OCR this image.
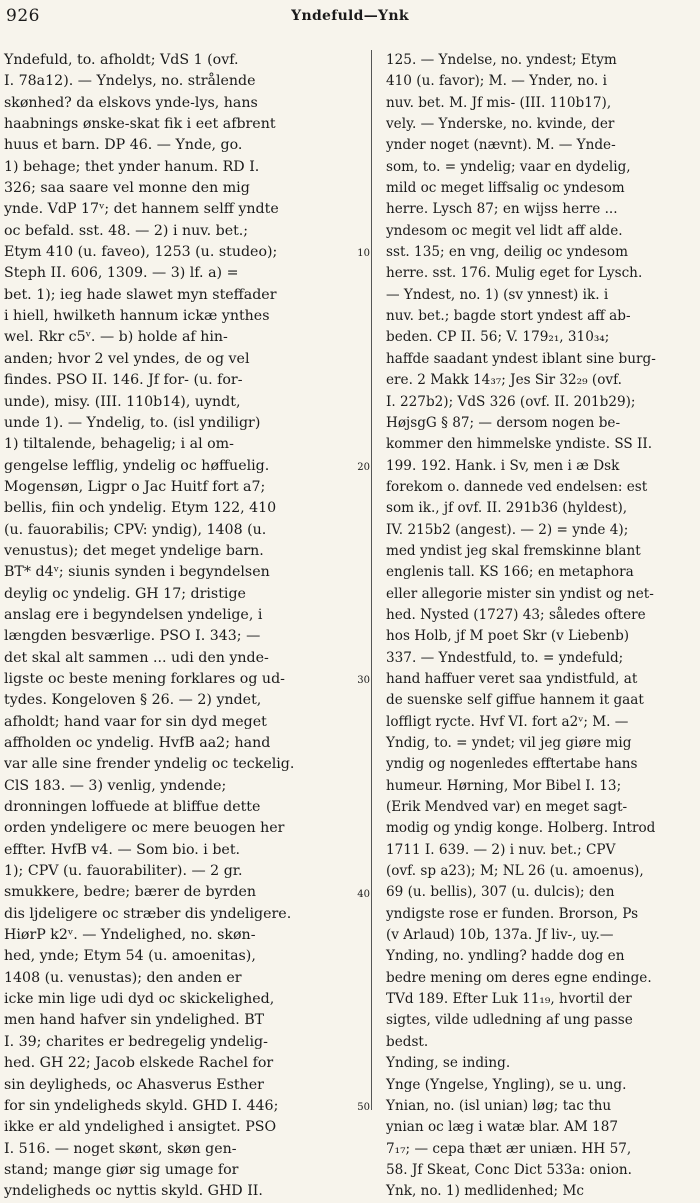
926	Yndefuld—Ynk
Yndefuld, to. afholdt; VdS 1 (ovf.
I. 78a12). — Yndelys, no. strålende
skønhed? da elskovs ynde-lys, hans
haabnings ønske-skat fik i eet afbrent
huus et barn. DP 46. — Ynde, go.
1) behage; thet ynder hanum. RD I.
326; saa saare vel monne den mig
ynde. VdP 17ᵛ; det hannem selff yndte
oc befald. sst. 48. — 2) i nuv. bet.;
Etym 410 (u. faveo), 1253 (u. studeo);
Steph II. 606, 1309. — 3) lf. a) =
bet. 1); ieg hade slawet myn steffader
i hiell, hwilketh hannum ickæ ynthes
wel. Rkr c5ᵛ. — b) holde af hin-
anden; hvor 2 vel yndes, de og vel
findes. PSO II. 146. Jf for- (u. for-
unde), misy. (III. 110b14), uyndt,
unde 1). — Yndelig, to. (isl yndiligr)
1) tiltalende, behagelig; i al om-
gengelse lefflig, yndelig oc høffuelig.
Mogensøn, Ligpr o Jac Huitf fort a7;
bellis, fiin och yndelig. Etym 122, 410
(u. fauorabilis; CPV: yndig), 1408 (u.
venustus); det meget yndelige barn.
BT* d4ᵛ; siunis synden i begyndelsen
deylig oc yndelig. GH 17; dristige
anslag ere i begyndelsen yndelige, i
længden besværlige. PSO I. 343; —
det skal alt sammen ... udi den ynde-
ligste oc beste mening forklares og ud-
tydes. Kongeloven § 26. — 2) yndet,
afholdt; hand vaar for sin dyd meget
affholden oc yndelig. HvfB aa2; hand
var alle sine frender yndelig oc teckelig.
ClS 183. — 3) venlig, yndende;
dronningen loffuede at bliffue dette
orden yndeligere oc mere beuogen her
effter. HvfB v4. — Som bio. i bet.
1); CPV (u. fauorabiliter). — 2 gr.
smukkere, bedre; bærer de byrden
dis ljdeligere oc stræber dis yndeligere.
HiørP k2ᵛ. — Yndelighed, no. skøn-
hed, ynde; Etym 54 (u. amoenitas),
1408 (u. venustas); den anden er
icke min lige udi dyd oc skickelighed,
men hand hafver sin yndelighed. BT
I. 39; charites er bedregelig yndelig-
hed. GH 22; Jacob elskede Rachel for
sin deyligheds, oc Ahasverus Esther
for sin yndeligheds skyld. GHD I. 446;
ikke er ald yndelighed i ansigtet. PSO
I. 516. — noget skønt, skøn gen-
stand; mange giør sig umage for
yndeligheds oc nyttis skyld. GHD II.
10
20
30
40
50
125. — Yndelse, no. yndest; Etym
410 (u. favor); M. — Ynder, no. i
nuv. bet. M. Jf mis- (III. 110b17),
vely. — Ynderske, no. kvinde, der
ynder noget (nævnt). M. — Ynde-
som, to. = yndelig; vaar en dydelig,
mild oc meget liffsalig oc yndesom
herre. Lysch 87; en wijss herre ...
yndesom oc megit vel lidt aff alde.
sst. 135; en vng, deilig oc yndesom
herre. sst. 176. Mulig eget for Lysch.
— Yndest, no. 1) (sv ynnest) ik. i
nuv. bet.; bagde stort yndest aff ab-
beden. CP II. 56; V. 179₂₁, 310₃₄;
haffde saadant yndest iblant sine burg-
ere. 2 Makk 14₃₇; Jes Sir 32₂₉ (ovf.
I. 227b2); VdS 326 (ovf. II. 201b29);
HøjsgG § 87; — dersom nogen be-
kommer den himmelske yndiste. SS II.
199. 192. Hank. i Sv, men i æ Dsk
forekom o. dannede ved endelsen: est
som ik., jf ovf. II. 291b36 (hyldest),
IV. 215b2 (angest). — 2) = ynde 4);
med yndist jeg skal fremskinne blant
englenis tall. KS 166; en metaphora
eller allegorie mister sin yndist og net-
hed. Nysted (1727) 43; således oftere
hos Holb, jf M poet Skr (v Liebenb)
337. — Yndestfuld, to. = yndefuld;
hand haffuer veret saa yndistfuld, at
de suenske self giffue hannem it gaat
loffligt rycte. Hvf VI. fort a2ᵛ; M. —
Yndig, to. = yndet; vil jeg giøre mig
yndig og nogenledes efftertabe hans
humeur. Hørning, Mor Bibel I. 13;
(Erik Mendved var) en meget sagt-
modig og yndig konge. Holberg. Introd
1711 I. 639. — 2) i nuv. bet.; CPV
(ovf. sp a23); M; NL 26 (u. amoenus),
69 (u. bellis), 307 (u. dulcis); den
yndigste rose er funden. Brorson, Ps
(v Arlaud) 10b, 137a. Jf liv-, uy.—
Ynding, no. yndling? hadde dog en
bedre mening om deres egne endinge.
TVd 189. Efter Luk 11₁₉, hvortil der
sigtes, vilde udledning af ung passe
bedst.
Ynding, se inding.
Ynge (Yngelse, Yngling), se u. ung.
Ynian, no. (isl unian) løg; tac thu
ynian oc læg i watæ blar. AM 187
7₁₇; — cepa thæt ær uniæn. HH 57,
58. Jf Skeat, Conc Dict 533a: onion.
Ynk, no. 1) medlidenhed; Mc
